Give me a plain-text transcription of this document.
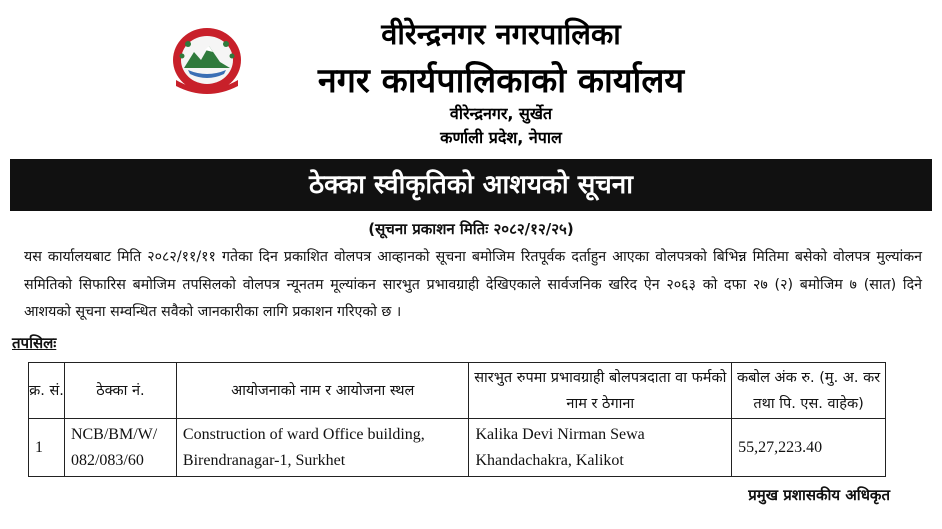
वीरेन्द्रनगर नगरपालिका
नगर कार्यपालिकाको कार्यालय
वीरेन्द्रनगर, सुर्खेत
कर्णाली प्रदेश, नेपाल
ठेक्का स्वीकृतिको आशयको सूचना
(सूचना प्रकाशन मितिः २०८२/१२/२५)
यस कार्यालयबाट मिति २०८२/११/११ गतेका दिन प्रकाशित वोलपत्र आव्हानको सूचना बमोजिम रितपूर्वक दर्ताहुन आएका वोलपत्रको बिभिन्न मितिमा बसेको वोलपत्र मुल्यांकन समितिको सिफारिस बमोजिम तपसिलको वोलपत्र न्यूनतम मूल्यांकन सारभुत प्रभावग्राही देखिएकाले सार्वजनिक खरिद ऐन २०६३ को दफा २७ (२) बमोजिम ७ (सात) दिने आशयको सूचना सम्वन्धित सवैको जानकारीका लागि प्रकाशन गरिएको छ ।
तपसिलः
क्र. सं.	ठेक्का नं.	आयोजनाको नाम र आयोजना स्थल	सारभुत रुपमा प्रभावग्राही बोलपत्रदाता वा फर्मको नाम र ठेगाना	कबोल अंक रु. (मु. अ. कर तथा पि. एस. वाहेक)
1	NCB/BM/W/ 082/083/60	Construction of ward Office building, Birendranagar-1, Surkhet	Kalika Devi Nirman Sewa Khandachakra, Kalikot	55,27,223.40
प्रमुख प्रशासकीय अधिकृत
